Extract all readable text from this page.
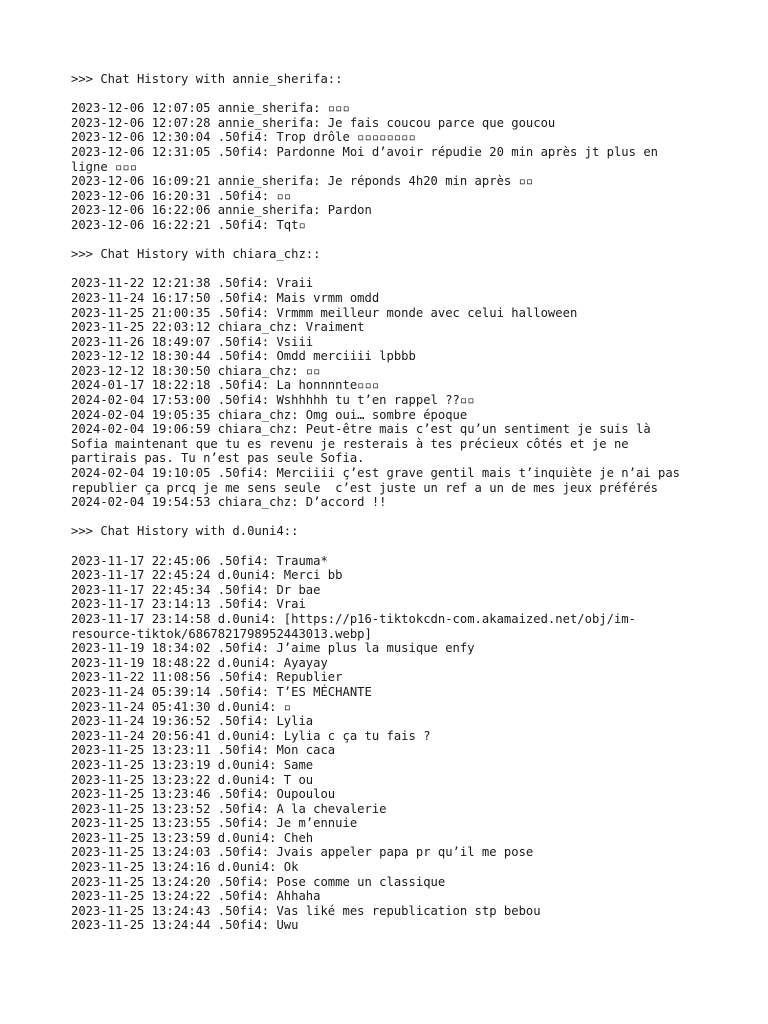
>>> Chat History with annie_sherifa::
2023-12-06 12:07:05 annie_sherifa: ▫▫▫
2023-12-06 12:07:28 annie_sherifa: Je fais coucou parce que goucou
2023-12-06 12:30:04 .50fi4: Trop drôle ▫▫▫▫▫▫▫▫
2023-12-06 12:31:05 .50fi4: Pardonne Moi d’avoir répudie 20 min après jt plus en
ligne ▫▫▫
2023-12-06 16:09:21 annie_sherifa: Je réponds 4h20 min après ▫▫
2023-12-06 16:20:31 .50fi4: ▫▫
2023-12-06 16:22:06 annie_sherifa: Pardon
2023-12-06 16:22:21 .50fi4: Tqt▫
>>> Chat History with chiara_chz::
2023-11-22 12:21:38 .50fi4: Vraii
2023-11-24 16:17:50 .50fi4: Mais vrmm omdd
2023-11-25 21:00:35 .50fi4: Vrmmm meilleur monde avec celui halloween
2023-11-25 22:03:12 chiara_chz: Vraiment
2023-11-26 18:49:07 .50fi4: Vsiii
2023-12-12 18:30:44 .50fi4: Omdd merciiii lpbbb
2023-12-12 18:30:50 chiara_chz: ▫▫
2024-01-17 18:22:18 .50fi4: La honnnnte▫▫▫
2024-02-04 17:53:00 .50fi4: Wshhhhh tu t’en rappel ??▫▫
2024-02-04 19:05:35 chiara_chz: Omg oui… sombre époque
2024-02-04 19:06:59 chiara_chz: Peut-être mais c’est qu’un sentiment je suis là
Sofia maintenant que tu es revenu je resterais à tes précieux côtés et je ne
partirais pas. Tu n’est pas seule Sofia.
2024-02-04 19:10:05 .50fi4: Merciiii ç’est grave gentil mais t’inquiète je n’ai pas
republier ça prcq je me sens seule  c’est juste un ref a un de mes jeux préférés
2024-02-04 19:54:53 chiara_chz: D’accord !!
>>> Chat History with d.0uni4::
2023-11-17 22:45:06 .50fi4: Trauma*
2023-11-17 22:45:24 d.0uni4: Merci bb
2023-11-17 22:45:34 .50fi4: Dr bae
2023-11-17 23:14:13 .50fi4: Vrai
2023-11-17 23:14:58 d.0uni4: [https://p16-tiktokcdn-com.akamaized.net/obj/im-
resource-tiktok/6867821798952443013.webp]
2023-11-19 18:34:02 .50fi4: J’aime plus la musique enfy
2023-11-19 18:48:22 d.0uni4: Ayayay
2023-11-22 11:08:56 .50fi4: Republier
2023-11-24 05:39:14 .50fi4: T’ES MÉCHANTE
2023-11-24 05:41:30 d.0uni4: ▫
2023-11-24 19:36:52 .50fi4: Lylia
2023-11-24 20:56:41 d.0uni4: Lylia c ça tu fais ?
2023-11-25 13:23:11 .50fi4: Mon caca
2023-11-25 13:23:19 d.0uni4: Same
2023-11-25 13:23:22 d.0uni4: T ou
2023-11-25 13:23:46 .50fi4: Oupoulou
2023-11-25 13:23:52 .50fi4: A la chevalerie
2023-11-25 13:23:55 .50fi4: Je m’ennuie
2023-11-25 13:23:59 d.0uni4: Cheh
2023-11-25 13:24:03 .50fi4: Jvais appeler papa pr qu’il me pose
2023-11-25 13:24:16 d.0uni4: Ok
2023-11-25 13:24:20 .50fi4: Pose comme un classique
2023-11-25 13:24:22 .50fi4: Ahhaha
2023-11-25 13:24:43 .50fi4: Vas liké mes republication stp bebou
2023-11-25 13:24:44 .50fi4: Uwu
